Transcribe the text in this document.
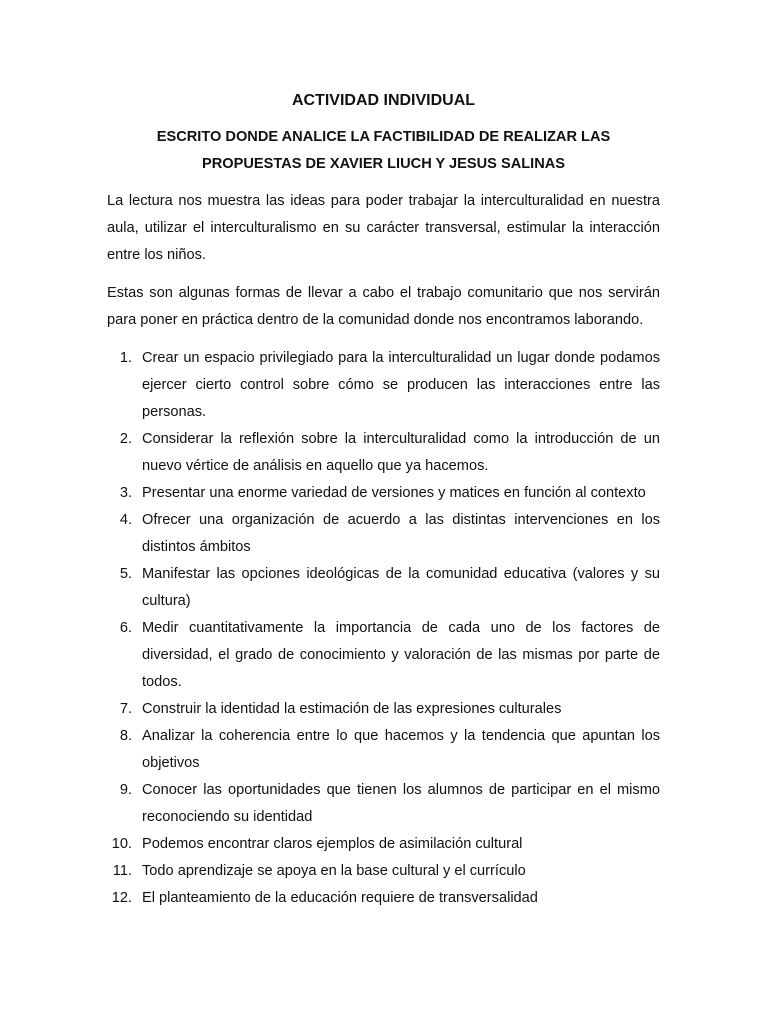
ACTIVIDAD INDIVIDUAL
ESCRITO DONDE ANALICE LA FACTIBILIDAD DE REALIZAR LAS
PROPUESTAS DE XAVIER LIUCH Y JESUS SALINAS

La lectura nos muestra las ideas para poder trabajar la interculturalidad en nuestra aula, utilizar el interculturalismo en su carácter transversal, estimular la interacción entre los niños.

Estas son algunas formas de llevar a cabo el trabajo comunitario que nos servirán para poner en práctica dentro de la comunidad donde nos encontramos laborando.

1. Crear un espacio privilegiado para la interculturalidad un lugar donde podamos ejercer cierto control sobre cómo se producen las interacciones entre las personas.
2. Considerar la reflexión sobre la interculturalidad como la introducción de un nuevo vértice de análisis en aquello que ya hacemos.
3. Presentar una enorme variedad de versiones y matices en función al contexto
4. Ofrecer una organización de acuerdo a las distintas intervenciones en los distintos ámbitos
5. Manifestar las opciones ideológicas de la comunidad educativa (valores y su cultura)
6. Medir cuantitativamente la importancia de cada uno de los factores de diversidad, el grado de conocimiento y valoración de las mismas por parte de todos.
7. Construir la identidad la estimación de las expresiones culturales
8. Analizar la coherencia entre lo que hacemos y la tendencia que apuntan los objetivos
9. Conocer las oportunidades que tienen los alumnos de participar en el mismo reconociendo su identidad
10. Podemos encontrar claros ejemplos de asimilación cultural
11. Todo aprendizaje se apoya en la base cultural y el currículo
12. El planteamiento de la educación requiere de transversalidad
